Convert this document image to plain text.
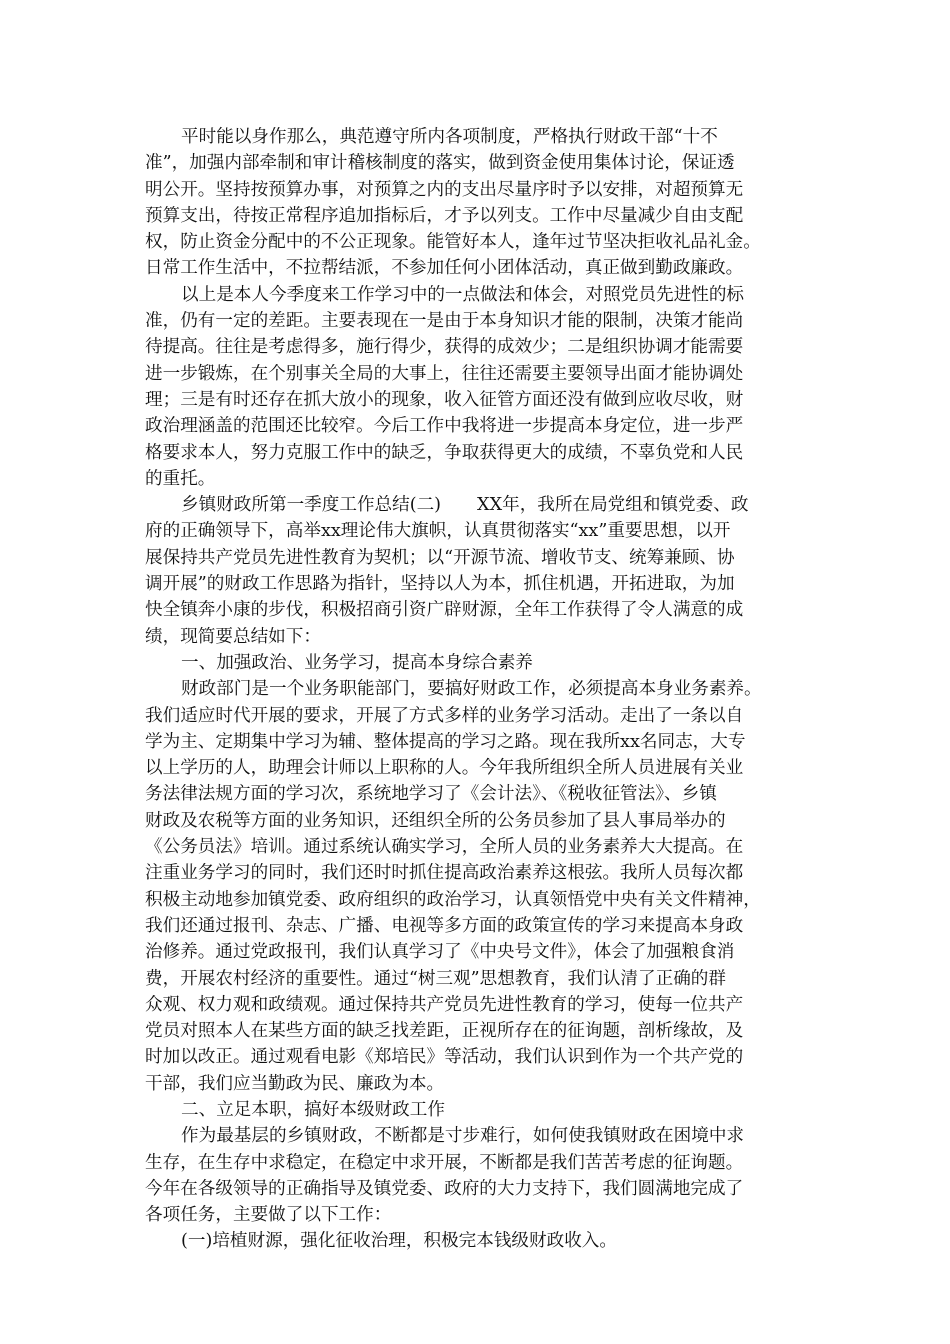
平时能以身作那么，典范遵守所内各项制度，严格执行财政干部“十不
准”，加强内部牵制和审计稽核制度的落实，做到资金使用集体讨论，保证透
明公开。坚持按预算办事，对预算之内的支出尽量序时予以安排，对超预算无
预算支出，待按正常程序追加指标后，才予以列支。工作中尽量减少自由支配
权，防止资金分配中的不公正现象。能管好本人，逢年过节坚决拒收礼品礼金。
日常工作生活中，不拉帮结派，不参加任何小团体活动，真正做到勤政廉政。
以上是本人今季度来工作学习中的一点做法和体会，对照党员先进性的标
准，仍有一定的差距。主要表现在一是由于本身知识才能的限制，决策才能尚
待提高。往往是考虑得多，施行得少，获得的成效少；二是组织协调才能需要
进一步锻炼，在个别事关全局的大事上，往往还需要主要领导出面才能协调处
理；三是有时还存在抓大放小的现象，收入征管方面还没有做到应收尽收，财
政治理涵盖的范围还比较窄。今后工作中我将进一步提高本身定位，进一步严
格要求本人，努力克服工作中的缺乏，争取获得更大的成绩，不辜负党和人民
的重托。
乡镇财政所第一季度工作总结(二) XX年，我所在局党组和镇党委、政
府的正确领导下，高举xx理论伟大旗帜，认真贯彻落实“xx”重要思想，以开
展保持共产党员先进性教育为契机；以“开源节流、增收节支、统筹兼顾、协
调开展”的财政工作思路为指针，坚持以人为本，抓住机遇，开拓进取，为加
快全镇奔小康的步伐，积极招商引资广辟财源，全年工作获得了令人满意的成
绩，现简要总结如下：
一、加强政治、业务学习，提高本身综合素养
财政部门是一个业务职能部门，要搞好财政工作，必须提高本身业务素养。
我们适应时代开展的要求，开展了方式多样的业务学习活动。走出了一条以自
学为主、定期集中学习为辅、整体提高的学习之路。现在我所xx名同志，大专
以上学历的人，助理会计师以上职称的人。今年我所组织全所人员进展有关业
务法律法规方面的学习次，系统地学习了《会计法》、《税收征管法》、乡镇
财政及农税等方面的业务知识，还组织全所的公务员参加了县人事局举办的
《公务员法》培训。通过系统认确实学习，全所人员的业务素养大大提高。在
注重业务学习的同时，我们还时时抓住提高政治素养这根弦。我所人员每次都
积极主动地参加镇党委、政府组织的政治学习，认真领悟党中央有关文件精神，
我们还通过报刊、杂志、广播、电视等多方面的政策宣传的学习来提高本身政
治修养。通过党政报刊，我们认真学习了《中央号文件》，体会了加强粮食消
费，开展农村经济的重要性。通过“树三观”思想教育，我们认清了正确的群
众观、权力观和政绩观。通过保持共产党员先进性教育的学习，使每一位共产
党员对照本人在某些方面的缺乏找差距，正视所存在的征询题，剖析缘故，及
时加以改正。通过观看电影《郑培民》等活动，我们认识到作为一个共产党的
干部，我们应当勤政为民、廉政为本。
二、立足本职，搞好本级财政工作
作为最基层的乡镇财政，不断都是寸步难行，如何使我镇财政在困境中求
生存，在生存中求稳定，在稳定中求开展，不断都是我们苦苦考虑的征询题。
今年在各级领导的正确指导及镇党委、政府的大力支持下，我们圆满地完成了
各项任务，主要做了以下工作：
(一)培植财源，强化征收治理，积极完本钱级财政收入。
